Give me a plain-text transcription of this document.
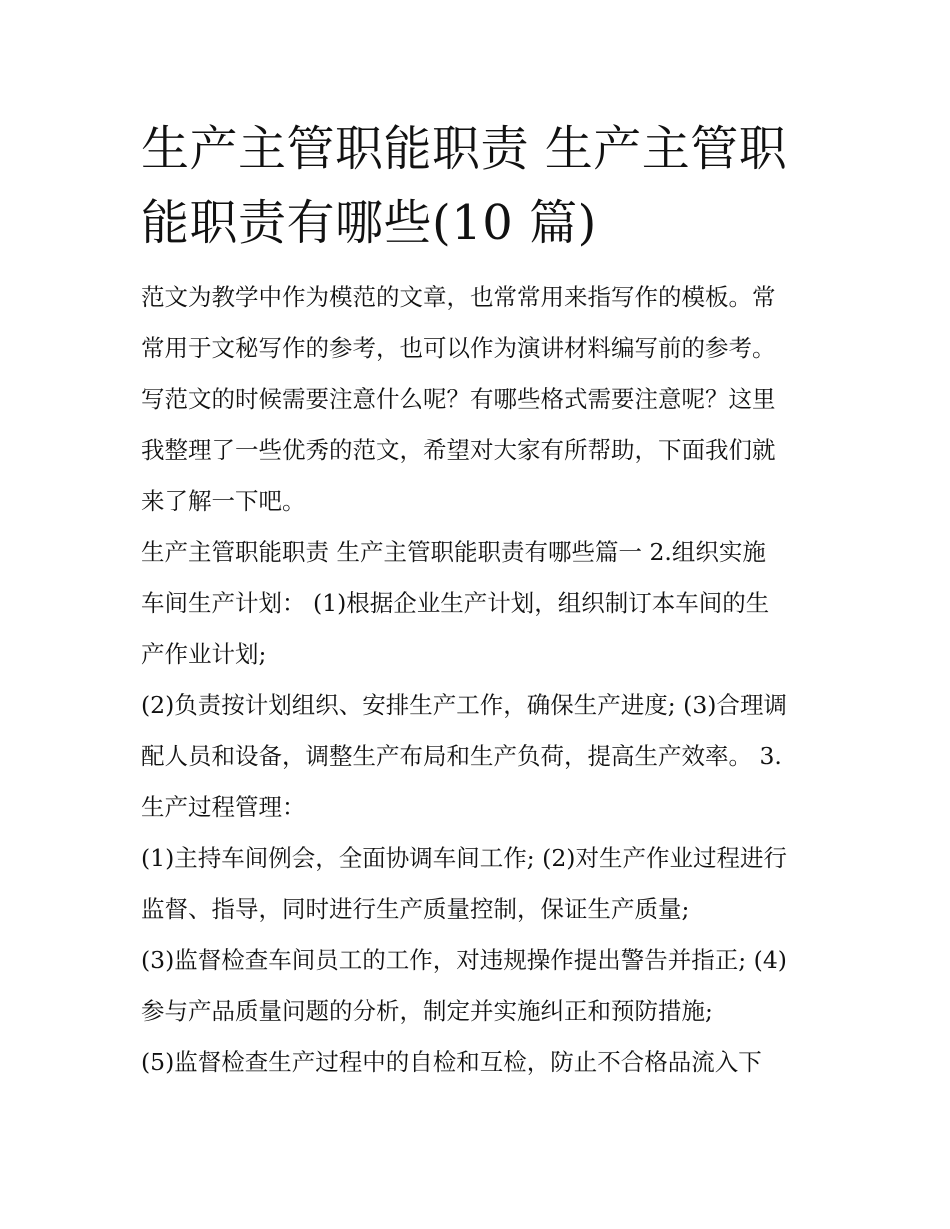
生产主管职能职责 生产主管职
能职责有哪些(10 篇)

范文为教学中作为模范的文章，也常常用来指写作的模板。常
常用于文秘写作的参考，也可以作为演讲材料编写前的参考。
写范文的时候需要注意什么呢？有哪些格式需要注意呢？这里
我整理了一些优秀的范文，希望对大家有所帮助，下面我们就
来了解一下吧。

生产主管职能职责 生产主管职能职责有哪些篇一 2.组织实施
车间生产计划： (1)根据企业生产计划，组织制订本车间的生
产作业计划;

(2)负责按计划组织、安排生产工作，确保生产进度; (3)合理调
配人员和设备，调整生产布局和生产负荷，提高生产效率。 3.
生产过程管理：

(1)主持车间例会，全面协调车间工作; (2)对生产作业过程进行
监督、指导，同时进行生产质量控制，保证生产质量;

(3)监督检查车间员工的工作，对违规操作提出警告并指正; (4)
参与产品质量问题的分析，制定并实施纠正和预防措施;

(5)监督检查生产过程中的自检和互检，防止不合格品流入下
